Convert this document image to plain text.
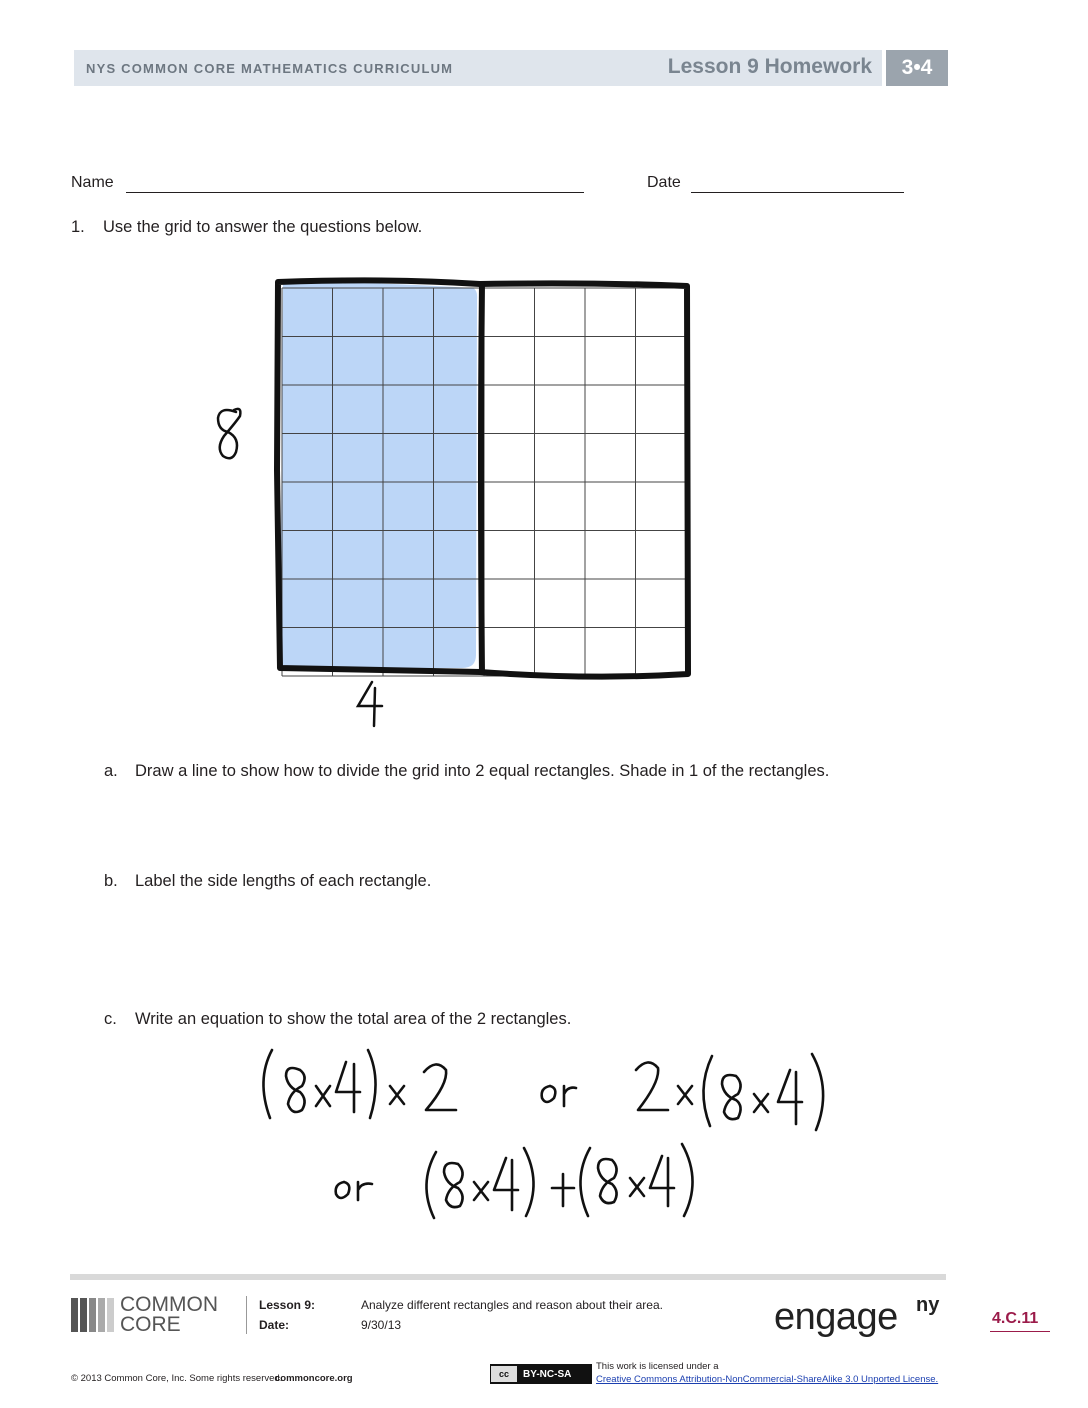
NYS COMMON CORE MATHEMATICS CURRICULUM	Lesson 9 Homework	3•4
Name	Date
1. Use the grid to answer the questions below.
a. Draw a line to show how to divide the grid into 2 equal rectangles. Shade in 1 of the rectangles.
b. Label the side lengths of each rectangle.
c. Write an equation to show the total area of the 2 rectangles.
COMMON
CORE
Lesson 9:	Analyze different rectangles and reason about their area.
Date:	9/30/13	engage ny
4.C.11
© 2013 Common Core, Inc. Some rights reserved.
commoncore.org	cc	BY-NC-SA
This work is licensed under a
Creative Commons Attribution-NonCommercial-ShareAlike 3.0 Unported License.
